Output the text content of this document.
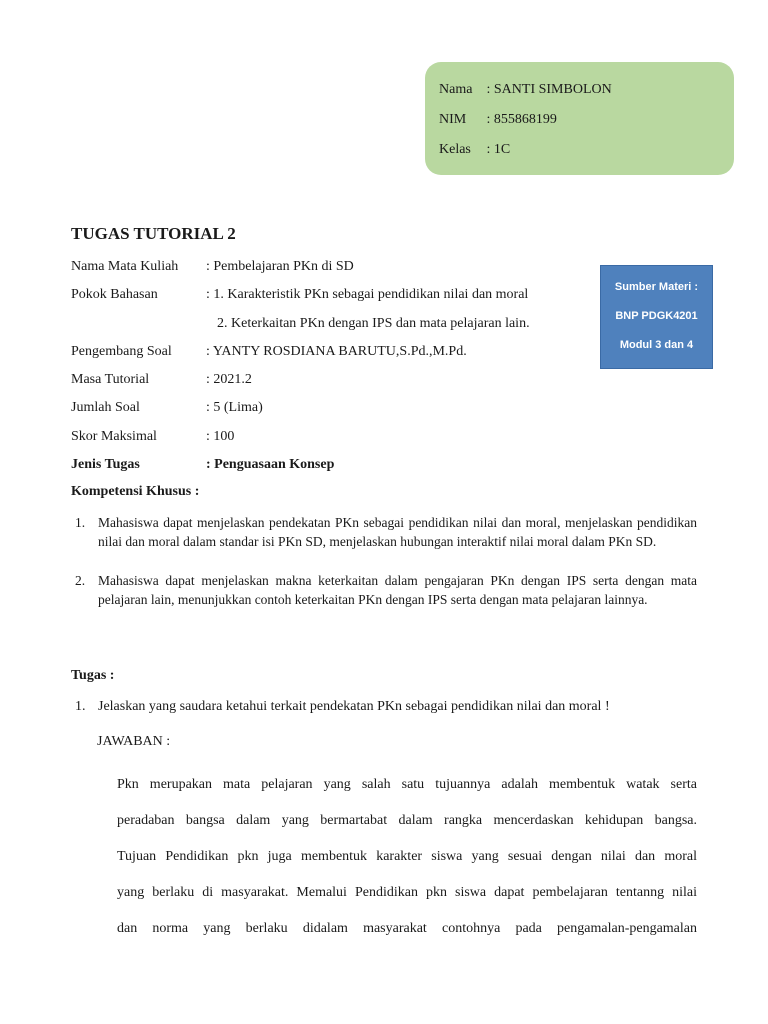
Nama : SANTI SIMBOLON
NIM : 855868199
Kelas : 1C
Sumber Materi :
BNP PDGK4201
Modul 3 dan 4
TUGAS TUTORIAL 2
Nama Mata Kuliah : Pembelajaran PKn di SD
Pokok Bahasan	: 1. Karakteristik PKn sebagai pendidikan nilai dan moral
2. Keterkaitan PKn dengan IPS dan mata pelajaran lain.
Pengembang Soal : YANTY ROSDIANA BARUTU,S.Pd.,M.Pd.
Masa Tutorial	: 2021.2
Jumlah Soal	: 5 (Lima)
Skor Maksimal	: 100
Jenis Tugas	: Penguasaan Konsep
Kompetensi Khusus :
1. Mahasiswa dapat menjelaskan pendekatan PKn sebagai pendidikan nilai dan moral, menjelaskan pendidikan nilai dan moral dalam standar isi PKn SD, menjelaskan hubungan interaktif nilai moral dalam PKn SD.
2. Mahasiswa dapat menjelaskan makna keterkaitan dalam pengajaran PKn dengan IPS serta dengan mata pelajaran lain, menunjukkan contoh keterkaitan PKn dengan IPS serta dengan mata pelajaran lainnya.
Tugas :
1. Jelaskan yang saudara ketahui terkait pendekatan PKn sebagai pendidikan nilai dan moral !
JAWABAN :
Pkn merupakan mata pelajaran yang salah satu tujuannya adalah membentuk watak serta
peradaban bangsa dalam yang bermartabat dalam rangka mencerdaskan kehidupan bangsa.
Tujuan Pendidikan pkn juga membentuk karakter siswa yang sesuai dengan nilai dan moral
yang berlaku di masyarakat. Memalui Pendidikan pkn siswa dapat pembelajaran tentanng nilai
dan norma yang berlaku didalam masyarakat contohnya pada pengamalan-pengamalan
